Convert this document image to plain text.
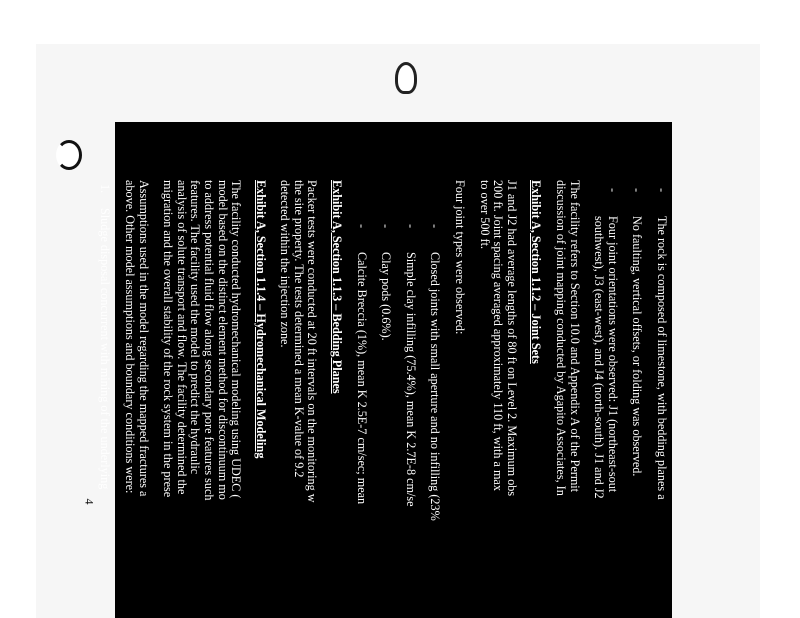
4
-The rock is composed of limestone, with bedding planes a
-No faulting, vertical offsets, or folding was observed.
-Four joint orientations were observed: J1 (northeast-sout
southwest), J3 (east-west), and J4 (north-south). J1 and J2
The facility refers to Section 10.0 and Appendix A of the Permit
discussion of joint mapping conducted by Agapito Associates, In
Exhibit A, Section 1.1.2 – Joint Sets
J1 and J2 had average lengths of 80 ft on Level 2. Maximum obs
200 ft. Joint spacing averaged approximately 110 ft, with a max
to over 500 ft.
Four joint types were observed:
-Closed joints with small aperture and no infilling (23%
-Simple clay infilling (75.4%), mean K 2.7E-8 cm/se
-Clay pods (0.6%).
-Calcite Breccia (1%), mean K 2.5E-7 cm/sec; mean
Exhibit A, Section 1.1.3 – Bedding Planes
Packer tests were conducted at 20 ft intervals on the monitoring w
the site property. The tests determined a mean K-value of 9.2
detected within the injection zone.
Exhibit A, Section 1.1.4 – Hydromechanical Modeling
The facility conducted hydromechanical modeling using UDEC (
model based on the distinct element method for discontinuum mo
to address potential fluid flow along secondary pore features such
features. The facility used the model to predict the hydraulic
analysis of solute transport and flow. The facility determined the
migration and the overall stability of the rock system in the prese
Assumptions used in the model regarding the mapped fractures a
above. Other model assumptions and boundary conditions were:
1.Sludge disposal concurrent with mining of the underlying
